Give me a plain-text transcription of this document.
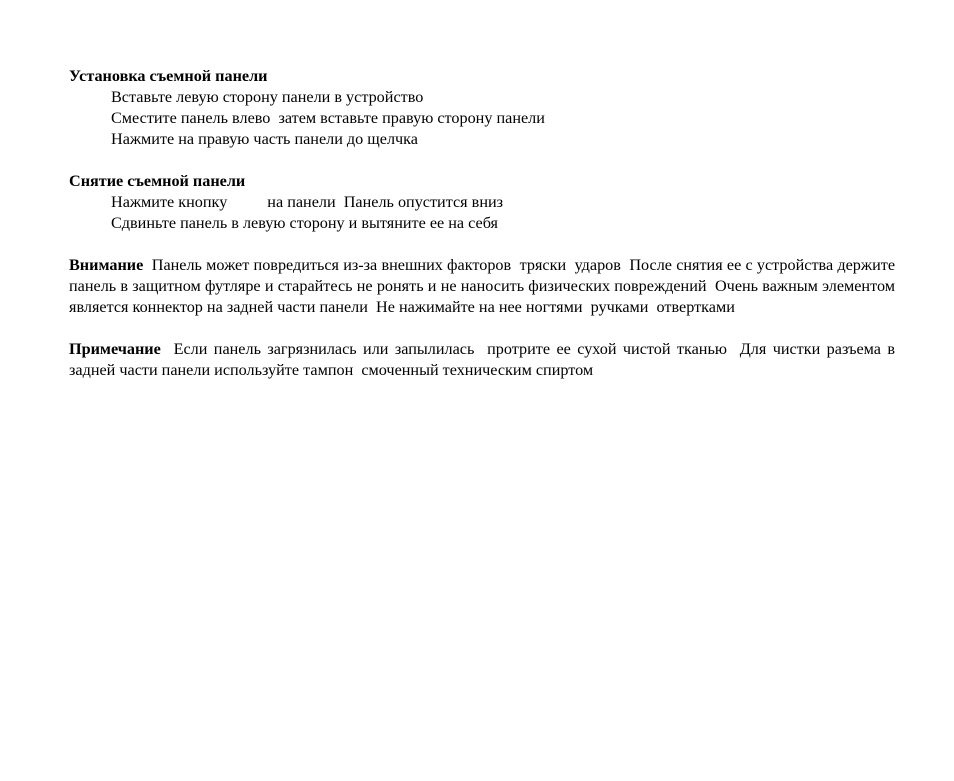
Установка съемной панели
Вставьте левую сторону панели в устройство
Сместите панель влево  затем вставьте правую сторону панели
Нажмите на правую часть панели до щелчка
Снятие съемной панели
Нажмите кнопку на панели  Панель опустится вниз
Сдвиньте панель в левую сторону и вытяните ее на себя
Внимание  Панель может повредиться из-за внешних факторов  тряски  ударов  После снятия ее с устройства держите панель в защитном футляре и старайтесь не ронять и не наносить физических повреждений  Очень важным элементом является коннектор на задней части панели  Не нажимайте на нее ногтями  ручками  отвертками
Примечание  Если панель загрязнилась или запылилась  протрите ее сухой чистой тканью  Для чистки разъема в задней части панели используйте тампон  смоченный техническим спиртом
